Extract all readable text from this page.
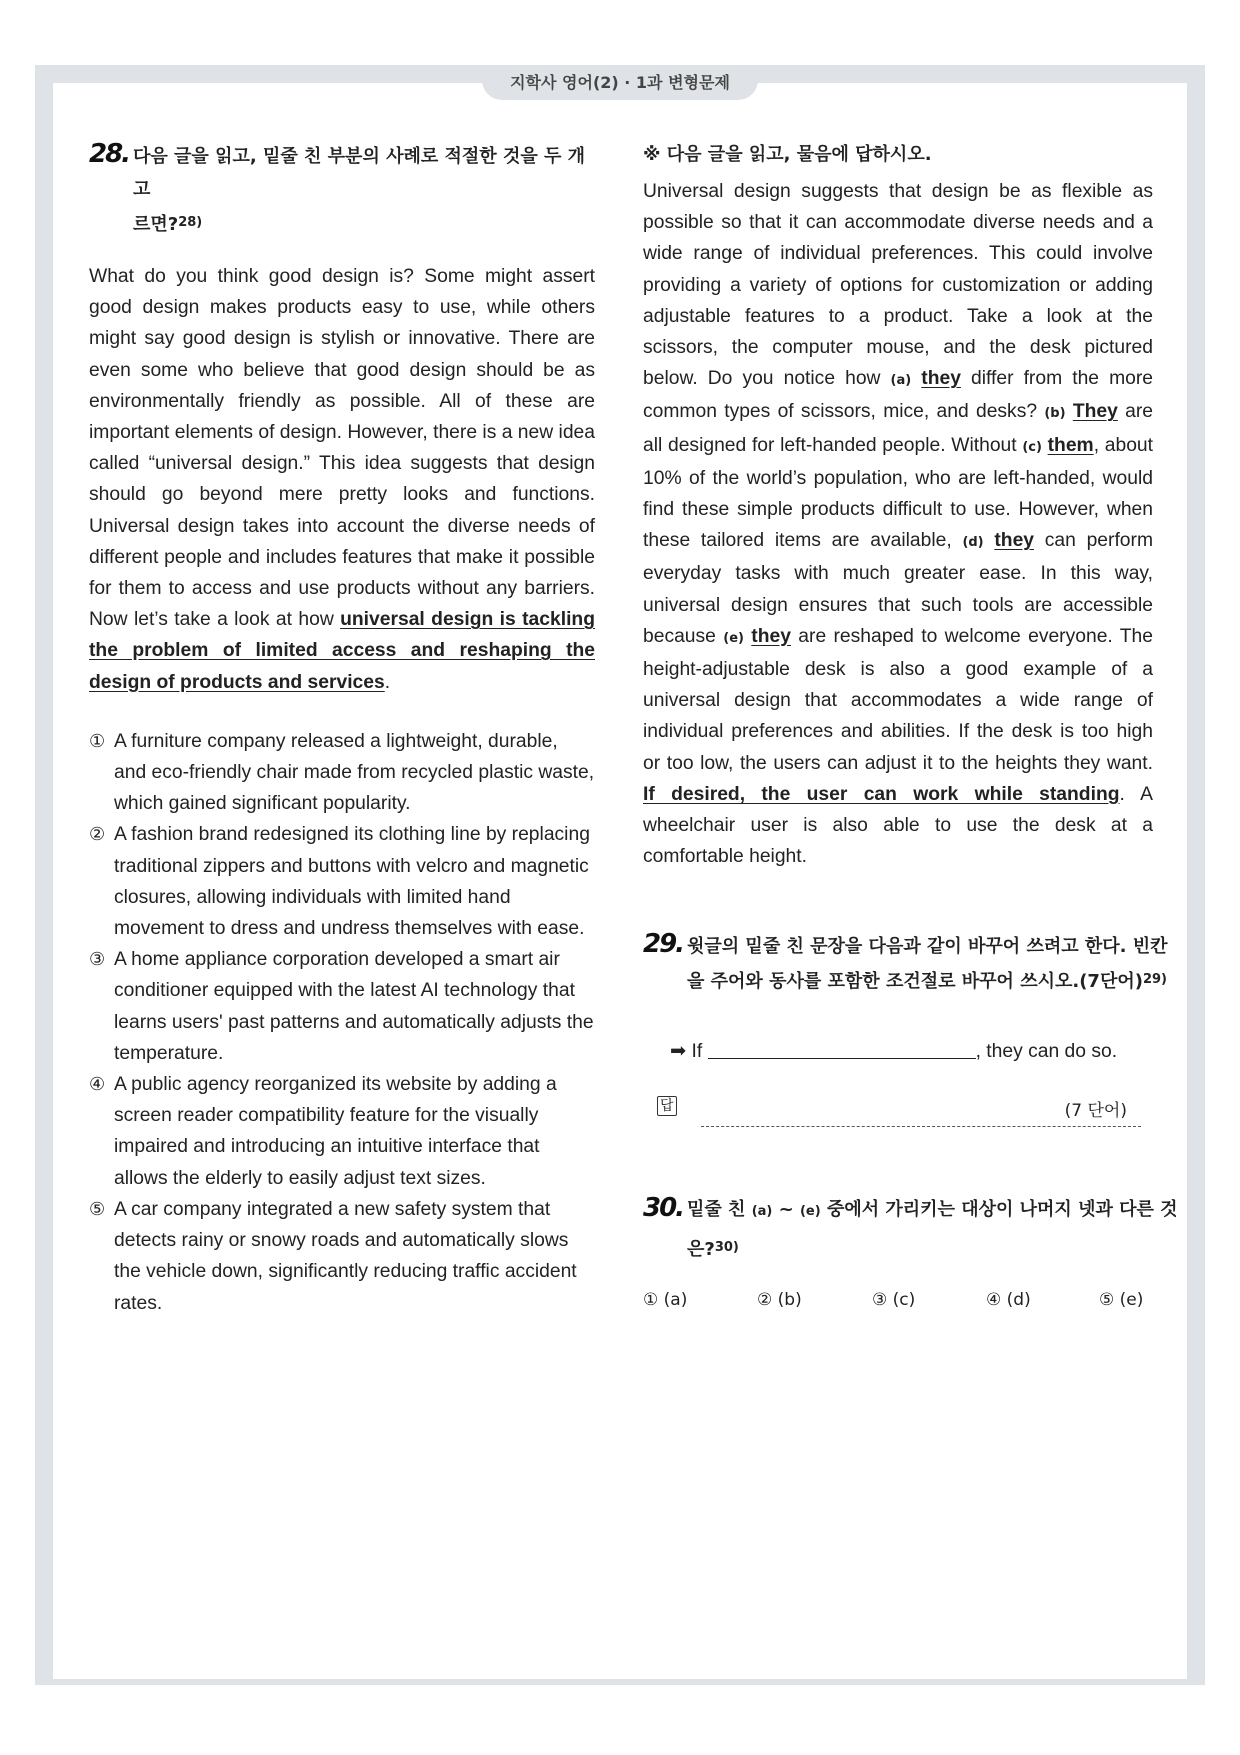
지학사 영어(2) · 1과 변형문제
28. 다음 글을 읽고, 밑줄 친 부분의 사례로 적절한 것을 두 개 고
르면?$^{28)}$

What do you think good design is? Some might assert good design makes products easy to use, while others might say good design is stylish or innovative. There are even some who believe that good design should be as environmentally friendly as possible. All of these are important elements of design. However, there is a new idea called “universal design.” This idea suggests that design should go beyond mere pretty looks and functions. Universal design takes into account the diverse needs of different people and includes features that make it possible for them to access and use products without any barriers. Now let’s take a look at how universal design is tackling the problem of limited access and reshaping the design of products and services.

① A furniture company released a lightweight, durable, and eco-friendly chair made from recycled plastic waste, which gained significant popularity.
② A fashion brand redesigned its clothing line by replacing traditional zippers and buttons with velcro and magnetic closures, allowing individuals with limited hand movement to dress and undress themselves with ease.
③ A home appliance corporation developed a smart air conditioner equipped with the latest AI technology that learns users' past patterns and automatically adjusts the temperature.
④ A public agency reorganized its website by adding a screen reader compatibility feature for the visually impaired and introducing an intuitive interface that allows the elderly to easily adjust text sizes.
⑤ A car company integrated a new safety system that detects rainy or snowy roads and automatically slows the vehicle down, significantly reducing traffic accident rates.
※ 다음 글을 읽고, 물음에 답하시오.

Universal design suggests that design be as flexible as possible so that it can accommodate diverse needs and a wide range of individual preferences. This could involve providing a variety of options for customization or adding adjustable features to a product. Take a look at the scissors, the computer mouse, and the desk pictured below. Do you notice how (a) they differ from the more common types of scissors, mice, and desks? (b) They are all designed for left-handed people. Without (c) them, about 10% of the world’s population, who are left-handed, would find these simple products difficult to use. However, when these tailored items are available, (d) they can perform everyday tasks with much greater ease. In this way, universal design ensures that such tools are accessible because (e) they are reshaped to welcome everyone. The height-adjustable desk is also a good example of a universal design that accommodates a wide range of individual preferences and abilities. If the desk is too high or too low, the users can adjust it to the heights they want. If desired, the user can work while standing. A wheelchair user is also able to use the desk at a comfortable height.

29. 윗글의 밑줄 친 문장을 다음과 같이 바꾸어 쓰려고 한다. 빈칸
을 주어와 동사를 포함한 조건절로 바꾸어 쓰시오.(7단어)$^{29)}$
30. 밑줄 친 (a) ~ (e) 중에서 가리키는 대상이 나머지 넷과 다른 것
은?$^{30)}$
➡ If	, they can do so.
답	(7 단어)
① (a)	② (b)	③ (c)	④ (d)	⑤ (e)
